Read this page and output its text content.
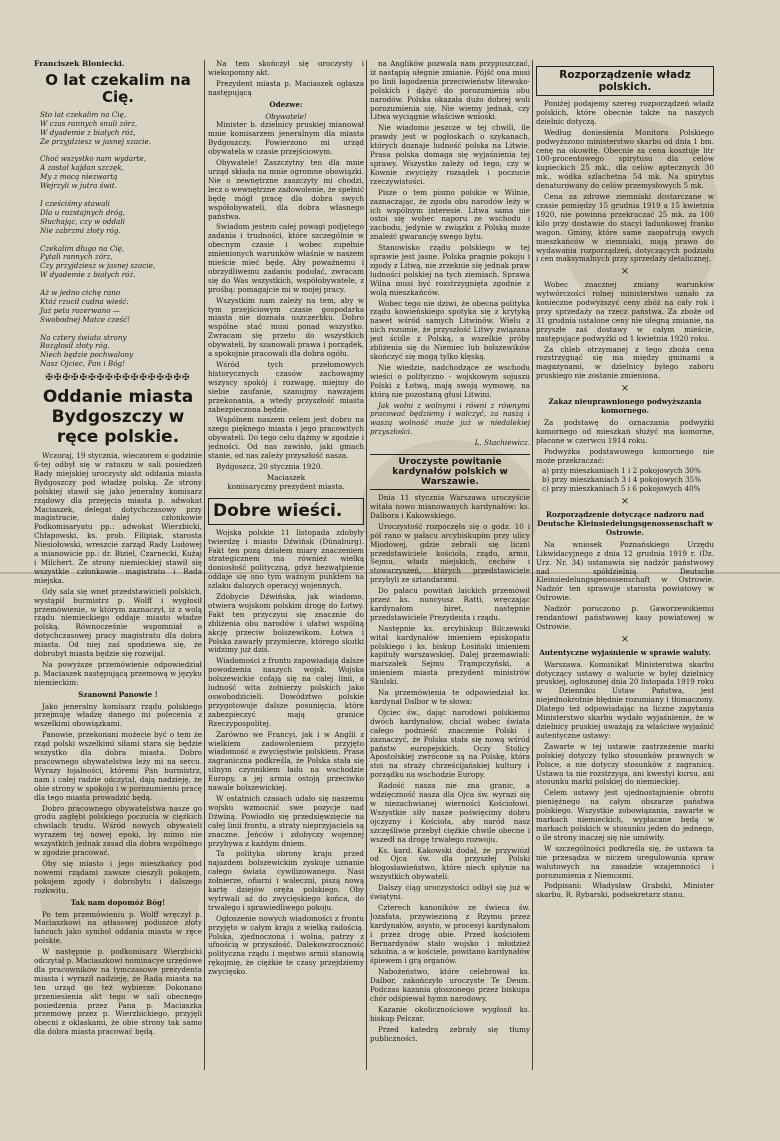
Franciszek Bloniecki.
O lat czekalim na Cię.
Sto lat czekalim na Cię,
W czas rannych snuli zórz,
W dyademie z białych róż,
Ze przyjdziesz w jasnej szacie.

Choć wszystko nam wydarte,
A został kajdan szczęk,
My z mocą niezwartą
Wejrzyli w jutra świt.

I cześciśmy stawali
Dla u rozstajnych dróg,
Słuchając, czy w oddali
Nie zabrzmi złoty róg.

Czekalim długo na Cię,
Pytali rannych zórz,
Czy przyjdziesz w jasnej szacie,
W dyademie z białych róż.

Aż w jedno cichę rano
Któż rzucił cudna wieść:
Już peta rozerwano —
Swobodnej Matce cześć!

Na cztery świata strony
Rozgłosił złoty róg.
Niech będzie pochwalony
Nasz Ojciec, Pan i Bóg!
✠✠✠✠✠✠✠✠✠✠✠✠✠✠✠✠✠
Oddanie miasta Bydgoszczy w ręce polskie.

Wczoraj, 19 stycznia, wieczorem o godzinie 6-tej odbył się w ratuszu w sali posiedzeń Rady miejskiej uroczysty akt oddania miasta Bydgoszczy pod władzę polską. Ze strony polskiej stawił się jako jeneralny komisarz rządowy dla przejęcia miasta p. adwokat Maciaszek, delegat dotychczasowy przy magistracie, dalej członkowie Podkomisaryatu pp.: adwokat Wierzbicki, Chłapowski, ks. prob. Filipiak, starosta Niesiołowski, wreszcie zarząd Rady Ludowej a mianowicie pp.: dr. Biziel, Czarnecki, Kużaj i Milchert. Ze strony niemieckiej stawił się wszystkie członkowie magistratu i Rada miejska.

Gdy sala się wnet przedstawicieli polskich, wystąpił burmistrz p. Wolff i wygłosił przemówienie, w którym zaznaczył, iż z wolą rządu niemieckiego oddaje miasto władze polską. Równocześnie wspomniał o dotychczasowej pracy magistratu dla dobra miasta. Od niej zaś spodziewa się, że dobrobyt miasta będzie się rozwijał.

Na powyższe przemówienie odpowiedział p. Maciaszek następującą przemową w języku niemieckim:

Szanowni Panowie !

Jako jeneralny komisarz rządu polskiego przejmuję władzę danego mi polecenia z wszelkimi obowiązkami.

Panowie, przekonani możecie być o tem że rząd polski wszelkimi siłami stara się będzie wszystko dla dobra miasta. Dobro pracownego obywatelstwa leży mi na sercu. Wyrazy łojalności, któremi Pan burmistrz, nam i całej radzie odczytał, dają nadzieję, że obie strony w spokoju i w porozumieniu pracę dla tego miasta prowadzić będą.

Dobro pracownego obywatelstwa nasze go grodu zagłębi polskiego poczucia w ciężkich chwilach trudu. Wśród nowych obywateli wyrazem tej nowej epoki, by mimo nie wszystkich jednak zasad dla dobra wspólnego w zgodzie pracować.

Oby się miasto i jego mieszkańcy pod nowemi rządami zawsze cieszyli pokojem, pokojem zgody i dobrobytu i dalszego rozkwitu.

Tak nam dopomóż Bóg!

Po tem przemówieniu p. Wolff wręczył p. Maciaszkowi na atłasowej poduszce złoty łańcuch jako symbol oddania miasta w ręce polskie.

W następnie p. podkomisarz Wierzbicki odczytał p. Maciaszkowi nominacye urzędowe dla pracowników na tymczasowe prezydenta miasta i wyraził nadzieję, że Rada miasta na ten urząd go też wybierze. Dokonano przeniesienia akt tego w sali obecnego posiedzenia przez Pana p. Maciaszka przemowę przez p. Wierzbickiego, przyjęli obecni z oklaskami, że obie strony tak samo dla dobra miasta pracować będą.

Na tem skończył się uroczysty i wiekopomny akt.

Prezydent miasta p. Maciaszek ogłasza następującą

Odezwe:
Obywatele!

Minister b. dzielnicy pruskiej mianował mnie komisarzem jeneralnym dla miasta Bydgoszczy. Powierzono mi urząd obywatela w czasie przejściowym.

Obywatele! Zaszczytny ten dla mnie urząd składa na mnie ogromne obowiązki. Nie o zewnętrzne zaszczyty mi chodzi, lecz o wewnętrzne zadowolenie, że spełnić będę mógł pracę dla dobra swych współobywateli, dla dobra własnego państwa.

Swiadom jestem całej powagi podjętego zadania i trudności, które szczególnie w obecnym czasie i wobec zupełnie zmienionych warunków właśnie w naszem mieście mieć będę. Aby poważnemu i obrzydliwemu zadaniu podołać, zwracam się do Was wszystkich, współobywatele, z prośbą: pomagajcie mi w mojej pracy.

Wszystkim nam zależy na tem, aby w tym przejściowym czasie gospodarka miasta nie doznała uszczerbku. Dobro wspólne stać musi ponad wszystko. Zwracam się przeto do wszystkich obywateli, by szanowali prawa i porządek, a spokojnie pracowali dla dobra ogółu.

Wśród tych przełomowych historycznych czasów zachowajmy wszyscy spokój i rozwagę, miejmy do siebie zaufanie, szanujmy nawzajem przekonania, a wtedy przyszłość miasta zabezpieczona będzie.

Wspólnem naszem celem jest dobro na szego pięknego miasta i jego pracowitych obywateli. Do tego celu dążmy w zgodzie i jedności. Od nas zawisło, jaki gmach stanie, od nas zależy przyszłość nasza.

Bydgoszcz, 20 stycznia 1920.

Maciaszek
komisaryczny prezydent miasta.
Dobre wieści.

Wojska polskie 11 listopada zdobyły twierdzę i miasto Dźwińsk (Dünaburg). Fakt ten pozą działem miary znaczeniem strategicznem ma również wielką doniosłość polityczną, gdyż bezwątpienie oddaje się ono tym ważnym punktem na szlaku dalszych operacyj wojennych.

Zdobycie Dźwińska, jak wiadomo, otwiera wojskom polskim drogę do Łotwy. Fakt ten przyczyni się znacznie do zbliżenia obu narodów i ułatwi wspólną akcję przeciw bolszewikom. Łotwa i Polska zawarły przymierze, którego skutki widzimy już dziś.

Wiadomości z frontu zapowiadają dalsze powodzenia naszych wojsk. Wojska bolszewickie cofają się na całej linii, a ludność wita żołnierzy polskich jako oswobodzicieli. Dowództwo polskie przygotowuje dalsze posunięcia, które zabezpieczyć mają granice Rzeczypospolitej.

Zarówno we Francyi, jak i w Anglii z wielkiem zadowoleniem przyjęto wiadomość o zwycięstwie polskiem. Prasa zagraniczna podkreśla, że Polska stała się silnym czynnikiem ładu na wschodzie Europy, a jej armia ostoją przeciwko nawale bolszewickiej.

W ostatnich czasach udało się naszemu wojsku wzmocnić swe pozycje nad Dźwiną. Powiodło się przedsięwzięcie na całej linii frontu, a straty nieprzyjaciela są znaczne. Jeńców i zdobyczy wojennej przybywa z każdym dniem.

Ta polityka obrony kraju przed najazdem bolszewickim zyskuje uznanie całego świata cywilizowanego. Nasi żołnierze, ofiarni i waleczni, piszą nową kartę dziejów oręża polskiego. Oby wytrwali aż do zwycięskiego końca, do trwałego i sprawiedliwego pokoju.

Ogłoszenie nowych wiadomości z frontu przyjęto w całym kraju z wielką radością. Polska, zjednoczona i wolna, patrzy z ufnością w przyszłość. Dalekowzroczność polityczna rządu i męstwo armii stanowią rękojmię, że ciężkie te czasy przejdziemy zwycięsko.

na Anglików pozwala nam przypuszczać, iż nastąpią ułegnie zmianie. Pójść ona musi po linii łagodzenia przeciwieństw litewsko-polskich i dążyć do porozumienia obu narodów. Polska okazała dużo dobrej woli porozumienia się. Nie wiemy jednak, czy Litwa wyciągnie właściwe wnioski.

Nie wiadomo jeszcze w tej chwili, ile prawdy jest w pogłoskach o szykanach, których doznaje ludność polska na Litwie. Prasa polska domaga się wyjaśnienia tej sprawy. Wszystko zależy od tego, czy w Kownie zwycięży rozsądek i poczucie rzeczywistości.

Pisze o tem pismo polskie w Wilnie, zaznaczając, że zgoda obu narodów leży w ich wspólnym interesie. Litwa sama nie ostoi się wobec naporu ze wschodu i zachodu, jedynie w związku z Polską może znaleźć gwarancję swego bytu.

Stanowisko rządu polskiego w tej sprawie jest jasne. Polska pragnie pokoju i zgody z Litwą, nie zrzeknie się jednak praw ludności polskiej na tych ziemiach. Sprawa Wilna musi być rozstrzygnięta zgodnie z wolą mieszkańców.

Wobec tego nie dziwi, że obecna polityka rządu kowieńskiego spotyka się z krytyką nawet wśród samych Litwinów. Wielu z nich rozumie, że przyszłość Litwy związana jest ściśle z Polską, a wszelkie próby zbliżenia się do Niemiec lub bolszewików skończyć się mogą tylko klęską.

Nie wiedzie, nadchodzące ze wschodu wieści o polityczno - wojskowym sojuszu Polski z Łotwą, mają swoją wymowę, na którą nie pozostaną głusi Litwini.

Jak wolni z wolnymi i równi z równymi pracować będziemy i walczyć, za naszą i waszą wolność może już w niedalekiej przyszłości.

L. Stachiewicz.
Uroczyste powitanie kardynałów polskich w Warszawie.

Dnia 11 stycznia Warszawa uroczyście witała nowo mianowanych kardynałów: ks. Dalbora i Kakowskiego.

Uroczystość rozpoczęła się o godz. 10 i pół rano w pałacu arcybiskupim przy ulicy Miodowej, gdzie zebrali się liczni przedstawiciele kościoła, rządu, armii, Sejmu, władz miejskich, cechów i stowarzyszeń, których przedstawiciele przybyli ze sztandarami.

Do pałacu powitań laickich przemówił przez ks. nuncyusz Ratti, wręczając kardynałom biret, następnie przedstawiciele Prezydenta i rządu.

Następnie ks. arcybiskup Bilczewski witał kardynałów imieniem episkopatu polskiego i ks. biskup Łosiński imieniem kapituły warszawskiej. Dalej przemawiali: marszałek Sejmu Trąmpczyński, a imieniem miasta prezydent ministrów Skulski.

Na przemówienia te odpowiedział ks. kardynał Dalbor w te słowa:

Ojciec św., dając narodowi polskiemu dwóch kardynałów, chciał wobec świata całego podnieść znaczenie Polski i zaznaczyć, że Polska stała się nową wśród państw europejskich. Oczy Stolicy Apostolskiej zwrócone są na Polskę, która stoi na straży chrześcijańskiej kultury i porządku na wschodzie Europy.

Radość nasza nie zna granic, a wdzięczność nasza dla Ojca św. wyrazi się w niezachwianej wierności Kościołowi. Wszystkie siły nasze poświęcimy dobru ojczyzny i Kościoła, aby naród nasz szczęśliwie przebył ciężkie chwile obecne i wszedł na drogę trwałego rozwoju.

Ks. kard. Kakowski dodał, że przywiózł od Ojca św. dla przyszłej Polski błogosławieństwo, które niech spłynie na wszystkich obywateli.

Dalszy ciąg uroczystości odbył się już w świątyni.

Czterech kanoników ze świeca św. Jozafata, przywiezioną z Rzymu przez kardynałów, asysto, w procesyi kardynałom i przez drogę obie. Przed kościołem Bernardynów stało wojsko i młodzież szkolna, a w kościele, powitano kardynałów śpiewem i grą organów.

Nabożeństwo, które celebrował ks. Dalbor, zakończyło uroczyste Te Deum. Podczas kazania głoszonego przez biskupa chór odśpiewał hymn narodowy.

Kazanie okolicznościowe wygłosił ks. biskup Pelczar.

Przed katedrą zebrały się tłumy publiczności.

Rozporządzenie władz polskich.

Poniżej podajemy szereg rozporządzeń władz polskich, które obecnie także na naszych dzielnic dotyczą.

Według doniesienia Monitora Polskiego podwyższono ministerstwo skarbu od dnia 1 bm. cenę na okowitę. Obecnie za cena kosztuje litr 100-procentowego spirytusu dla celów kupieckich 25 mk., dla celów aptecznych 30 mk., wódka szlachetna 54 mk. Na spirytus denaturowany do celów przemysłowych 5 mk.

Cena za zdrowe ziemniaki dostarczane w czasie pomiędzy 15 grudnia 1919 a 15 kwietnia 1920, nie powinna przekraczać 25 mk. za 100 kilo przy dostawie do stacyi ładunkowej franko wagon. Gminy, które same zaopatrują swych mieszkańców w ziemniaki, mają prawo do wydawania rozporządzeń, dotyczących podziału i cen maksymalnych przy sprzedaży detalicznej.

×

Wobec znacznej zmiany warunków wytwórczości rolnej ministerstwo uznało za konieczne podwyższyć ceny zbóż na cały rok i przy sprzedaży na rzecz państwa. Za zboże od 31 grudnia ustalone ceny nie ulegną zmianie, na przyszłe zaś dostawy w całym mieście, następujące podwyżki od 1 kwietnia 1920 roku.

Za chleb otrzymanej z tego zboża cena rozstrzygnąć się ma między gminami a magazynami, w dzielnicy byłego zaboru pruskiego nie zostanie zmieniona.

×
Zakaz nieuprawnionego podwyższania komornego.

Za podstawę do oznaczania podwyżki komornego od mieszkań służyć ma komorne, płacone w czerwcu 1914 roku.

Podwyżka podstawowego komornego nie może przekraczać:

a) przy mieszkaniach 1 i 2 pokojowych 30%
b) przy mieszkaniach 3 i 4 pokojowych 35%
c) przy mieszkaniach 5 i 6 pokojowych 40%
×
Rozporządzenie dotyczące nadzoru nad Deutsche Kleinsiedelungsgenossenschaft w Ostrowie.

Na wniosek Poznańskiego Urzędu Likwidacyjnego z dnia 12 grudnia 1919 r. (Dz. Urz. Nr. 34) ustanawia się nadzór państwowy nad spółdzielnią Deutsche Kleinsiedelungsgenossenschaft w Ostrowie. Nadzór ten sprawuje starosta powiatowy w Ostrowie.

Nadzór poruczono p. Gaworzewskiemu rendantowi państwowej kasy powiatowej w Ostrowie.

×
Autentyczne wyjaśnienie w sprawie waluty.

Warszawa. Komunikat Ministerstwa skarbu dotyczący ustawy o walucie w byłej dzielnicy pruskiej, ogłoszonej dnia 20 listopada 1919 roku w Dzienniku Ustaw Państwa, jest niejednokrotnie błędnie rozumiany i tłomaczony. Dlatego też odpowiadając na liczne zapytania Ministerstwo skarbu wydało wyjaśnienie, że w dzielnicy pruskiej uważają za właściwe wyjaśnić autentyczne ustawy:

Zawarte w tej ustawie zastrzeżenie marki polskiej dotyczy tylko stosunków prawnych w Polsce, a nie dotyczy stosunków z zagranicą. Ustawa ta nie rozstrzyga, ani kwestyi kursu, ani stosunku marki polskiej do niemieckiej.

Celem ustawy jest ujednostajnienie obrotu pieniężnego na całym obszarze państwa polskiego. Wszystkie zobowiązania, zawarte w markach niemieckich, wypłacane będą w markach polskich w stosunku jeden do jednego, o ile strony inaczej się nie umówiły.

W szczególności podkreśla się, że ustawa ta nie przesądza w niczem uregulowania spraw walutowych na zasadzie wzajemności i porozumienia z Niemcami.

Podpisani: Władysław Grabski, Minister skarbu, R. Rybarski, podsekretarz stanu.
